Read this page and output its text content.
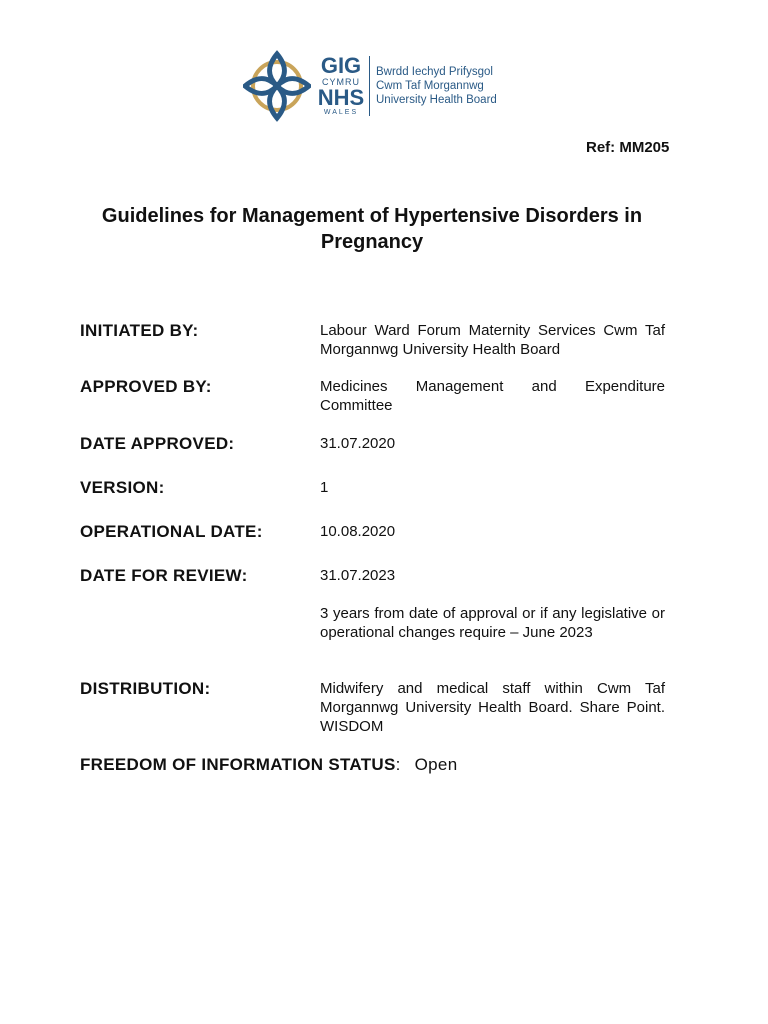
GIG
CYMRU
NHS
WALES
Bwrdd Iechyd Prifysgol
Cwm Taf Morgannwg
University Health Board
Ref: MM205
Guidelines for Management of Hypertensive Disorders in Pregnancy
INITIATED BY:	Labour Ward Forum Maternity Services Cwm Taf Morgannwg University Health Board
APPROVED BY:	Medicines Management and Expenditure Committee
DATE APPROVED:	31.07.2020
VERSION:	1
OPERATIONAL DATE:	10.08.2020
DATE FOR REVIEW:	31.07.2023
3 years from date of approval or if any legislative or operational changes require – June 2023
DISTRIBUTION:	Midwifery and medical staff within Cwm Taf Morgannwg University Health Board. Share Point. WISDOM
FREEDOM OF INFORMATION STATUS: Open
